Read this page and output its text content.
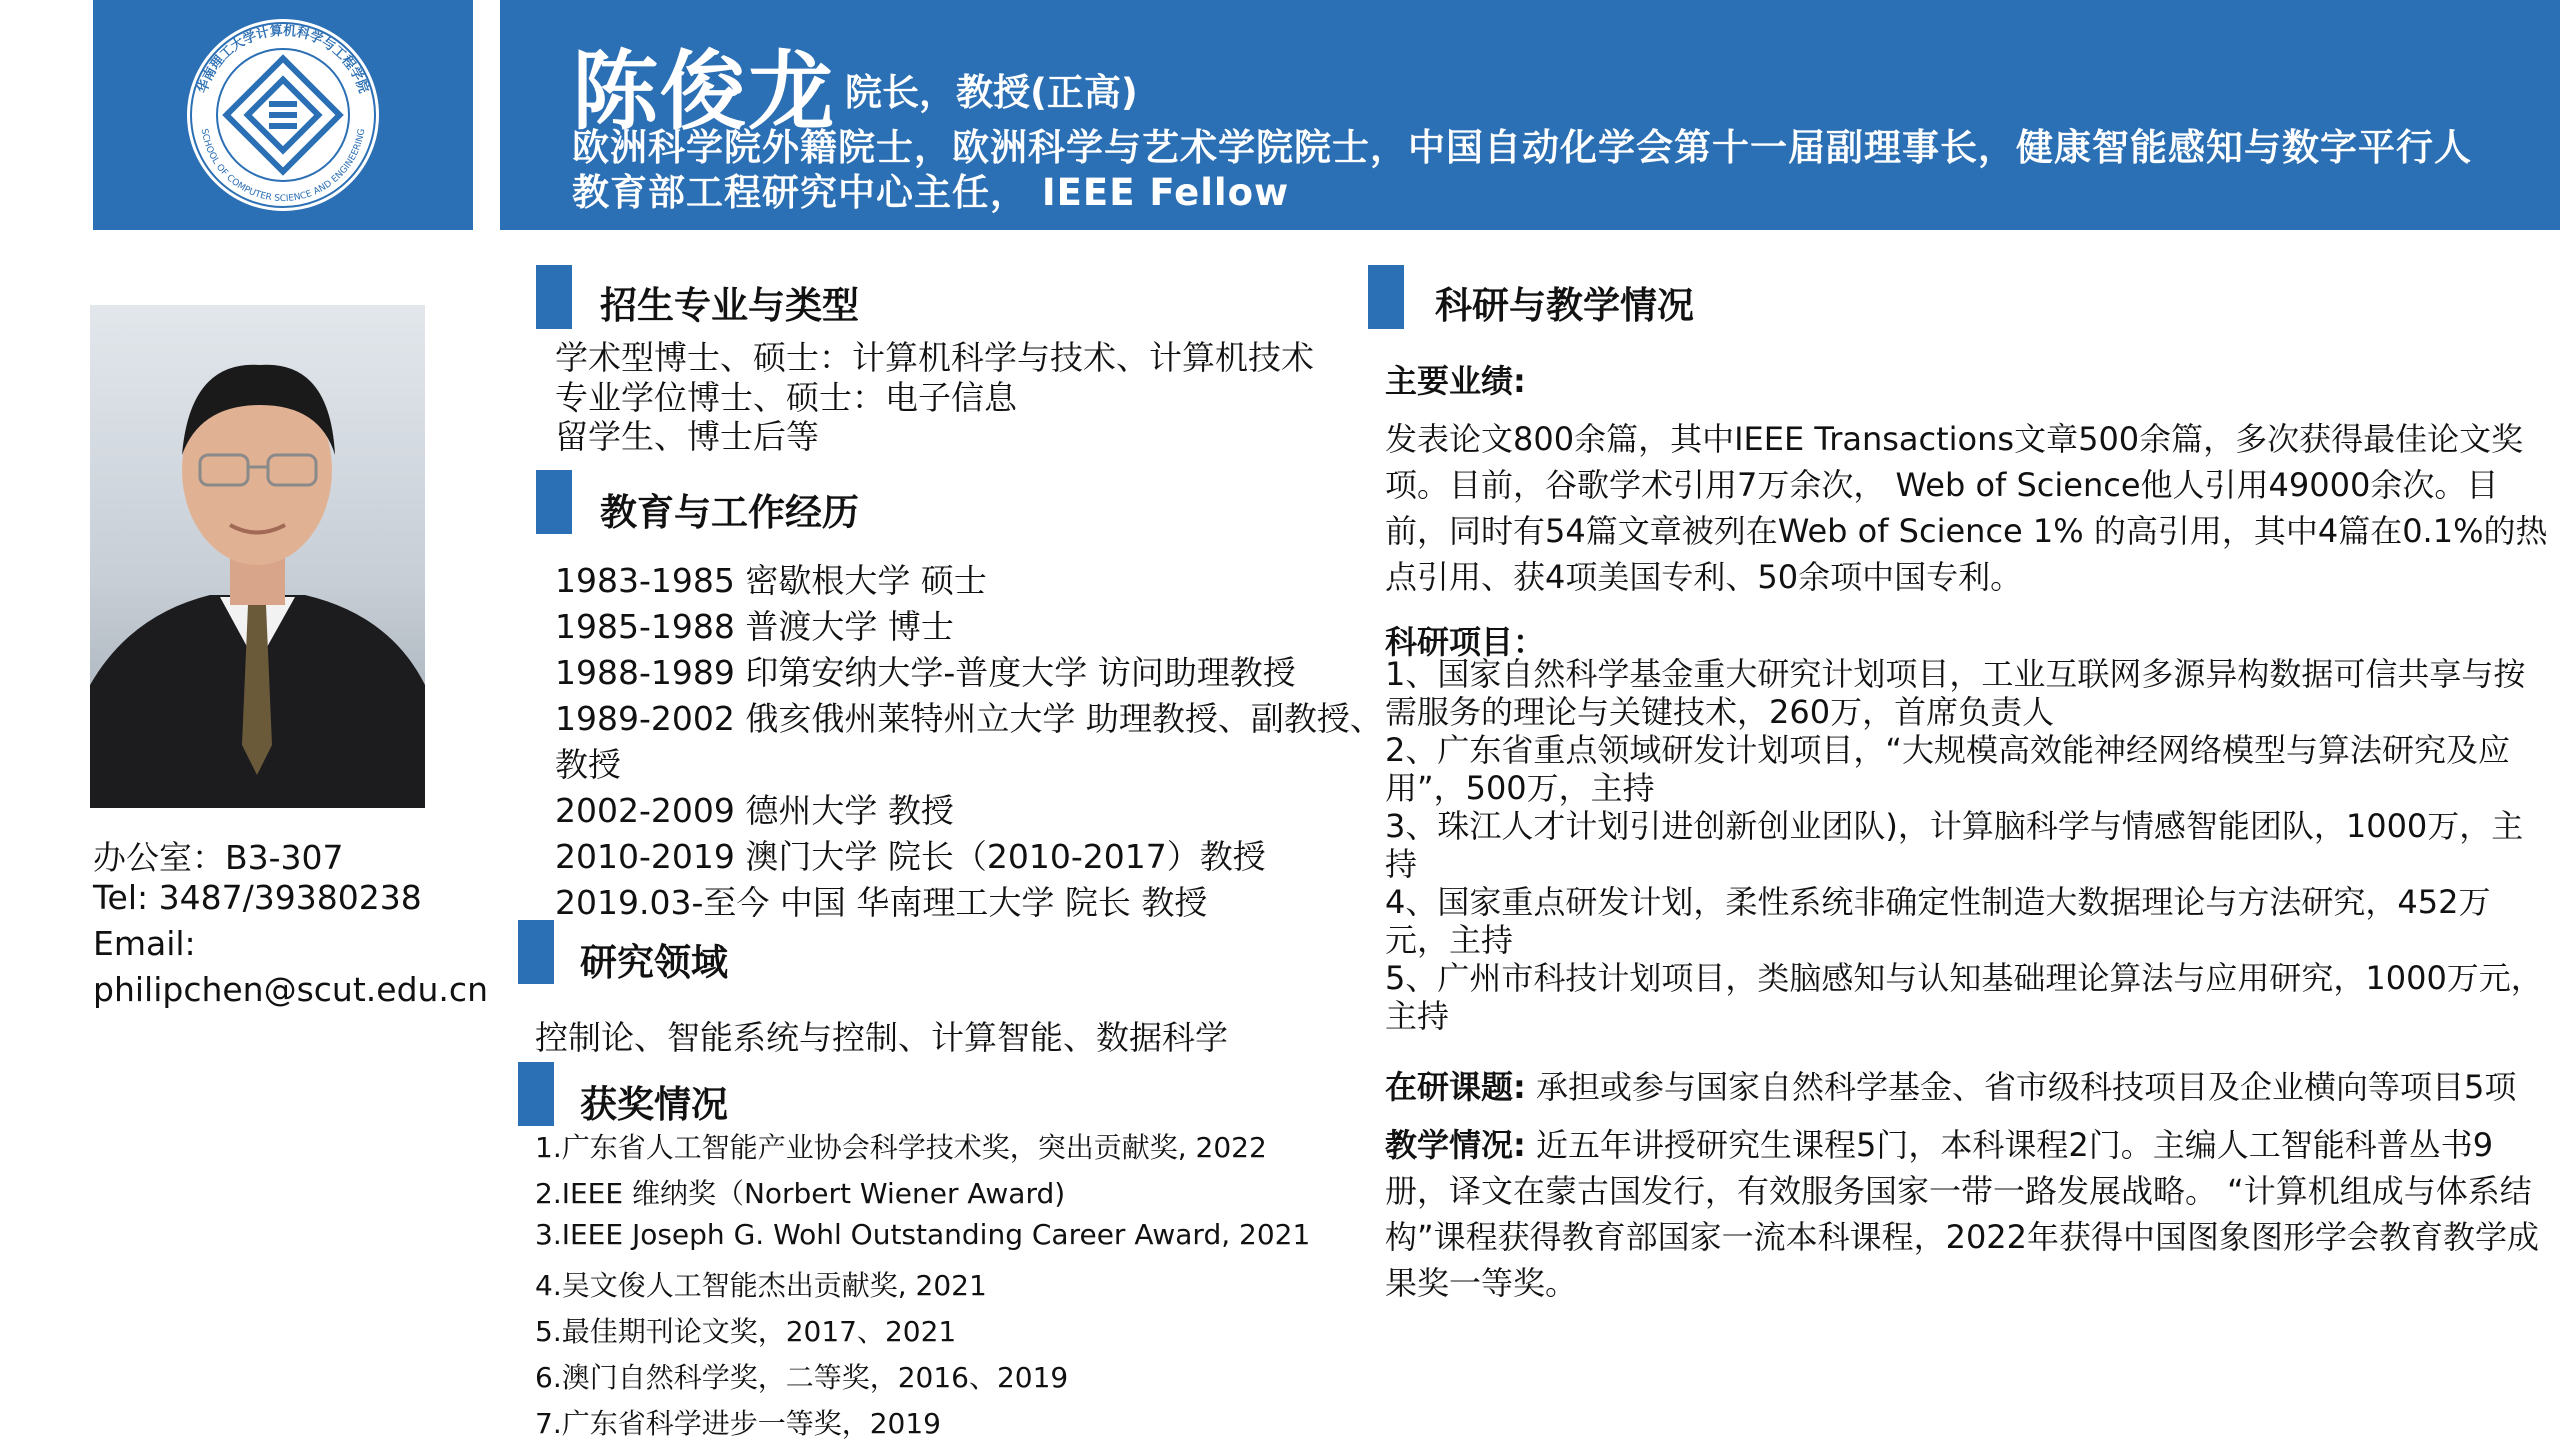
华南理工大学计算机科学与工程学院
SCHOOL OF COMPUTER SCIENCE AND ENGINEERING 陈俊龙 院长，教授(正高)
欧洲科学院外籍院士，欧洲科学与艺术学院院士，中国自动化学会第十一届副理事长，健康智能感知与数字平行人教育部工程研究中心主任， IEEE Fellow
办公室：B3-307
Tel: 3487/39380238
Email:
philipchen@scut.edu.cn
招生专业与类型
学术型博士、硕士：计算机科学与技术、计算机技术
专业学位博士、硕士：电子信息
留学生、博士后等
教育与工作经历
1983-1985 密歇根大学 硕士
1985-1988 普渡大学 博士
1988-1989 印第安纳大学-普度大学 访问助理教授
1989-2002 俄亥俄州莱特州立大学 助理教授、副教授、
教授
2002-2009 德州大学 教授
2010-2019 澳门大学 院长（2010-2017）教授
2019.03-至今 中国 华南理工大学 院长 教授
研究领域
控制论、智能系统与控制、计算智能、数据科学
获奖情况
1.广东省人工智能产业协会科学技术奖，突出贡献奖, 2022
2.IEEE 维纳奖（Norbert Wiener Award)
3.IEEE Joseph G. Wohl Outstanding Career Award, 2021
4.吴文俊人工智能杰出贡献奖, 2021
5.最佳期刊论文奖，2017、2021
6.澳门自然科学奖，二等奖，2016、2019
7.广东省科学进步一等奖，2019
科研与教学情况
主要业绩:
发表论文800余篇，其中IEEE Transactions文章500余篇，多次获得最佳论文奖项。目前，谷歌学术引用7万余次， Web of Science他人引用49000余次。目前，同时有54篇文章被列在Web of Science 1% 的高引用，其中4篇在0.1%的热点引用、获4项美国专利、50余项中国专利。
科研项目：
1、国家自然科学基金重大研究计划项目，工业互联网多源异构数据可信共享与按需服务的理论与关键技术，260万，首席负责人
2、广东省重点领域研发计划项目，“大规模高效能神经网络模型与算法研究及应用”，500万，主持
3、珠江人才计划引进创新创业团队)，计算脑科学与情感智能团队，1000万，主持
4、国家重点研发计划，柔性系统非确定性制造大数据理论与方法研究，452万元，主持
5、广州市科技计划项目，类脑感知与认知基础理论算法与应用研究，1000万元，主持
在研课题: 承担或参与国家自然科学基金、省市级科技项目及企业横向等项目5项
教学情况: 近五年讲授研究生课程5门，本科课程2门。主编人工智能科普丛书9册，译文在蒙古国发行，有效服务国家一带一路发展战略。 “计算机组成与体系结构”课程获得教育部国家一流本科课程，2022年获得中国图象图形学会教育教学成果奖一等奖。
